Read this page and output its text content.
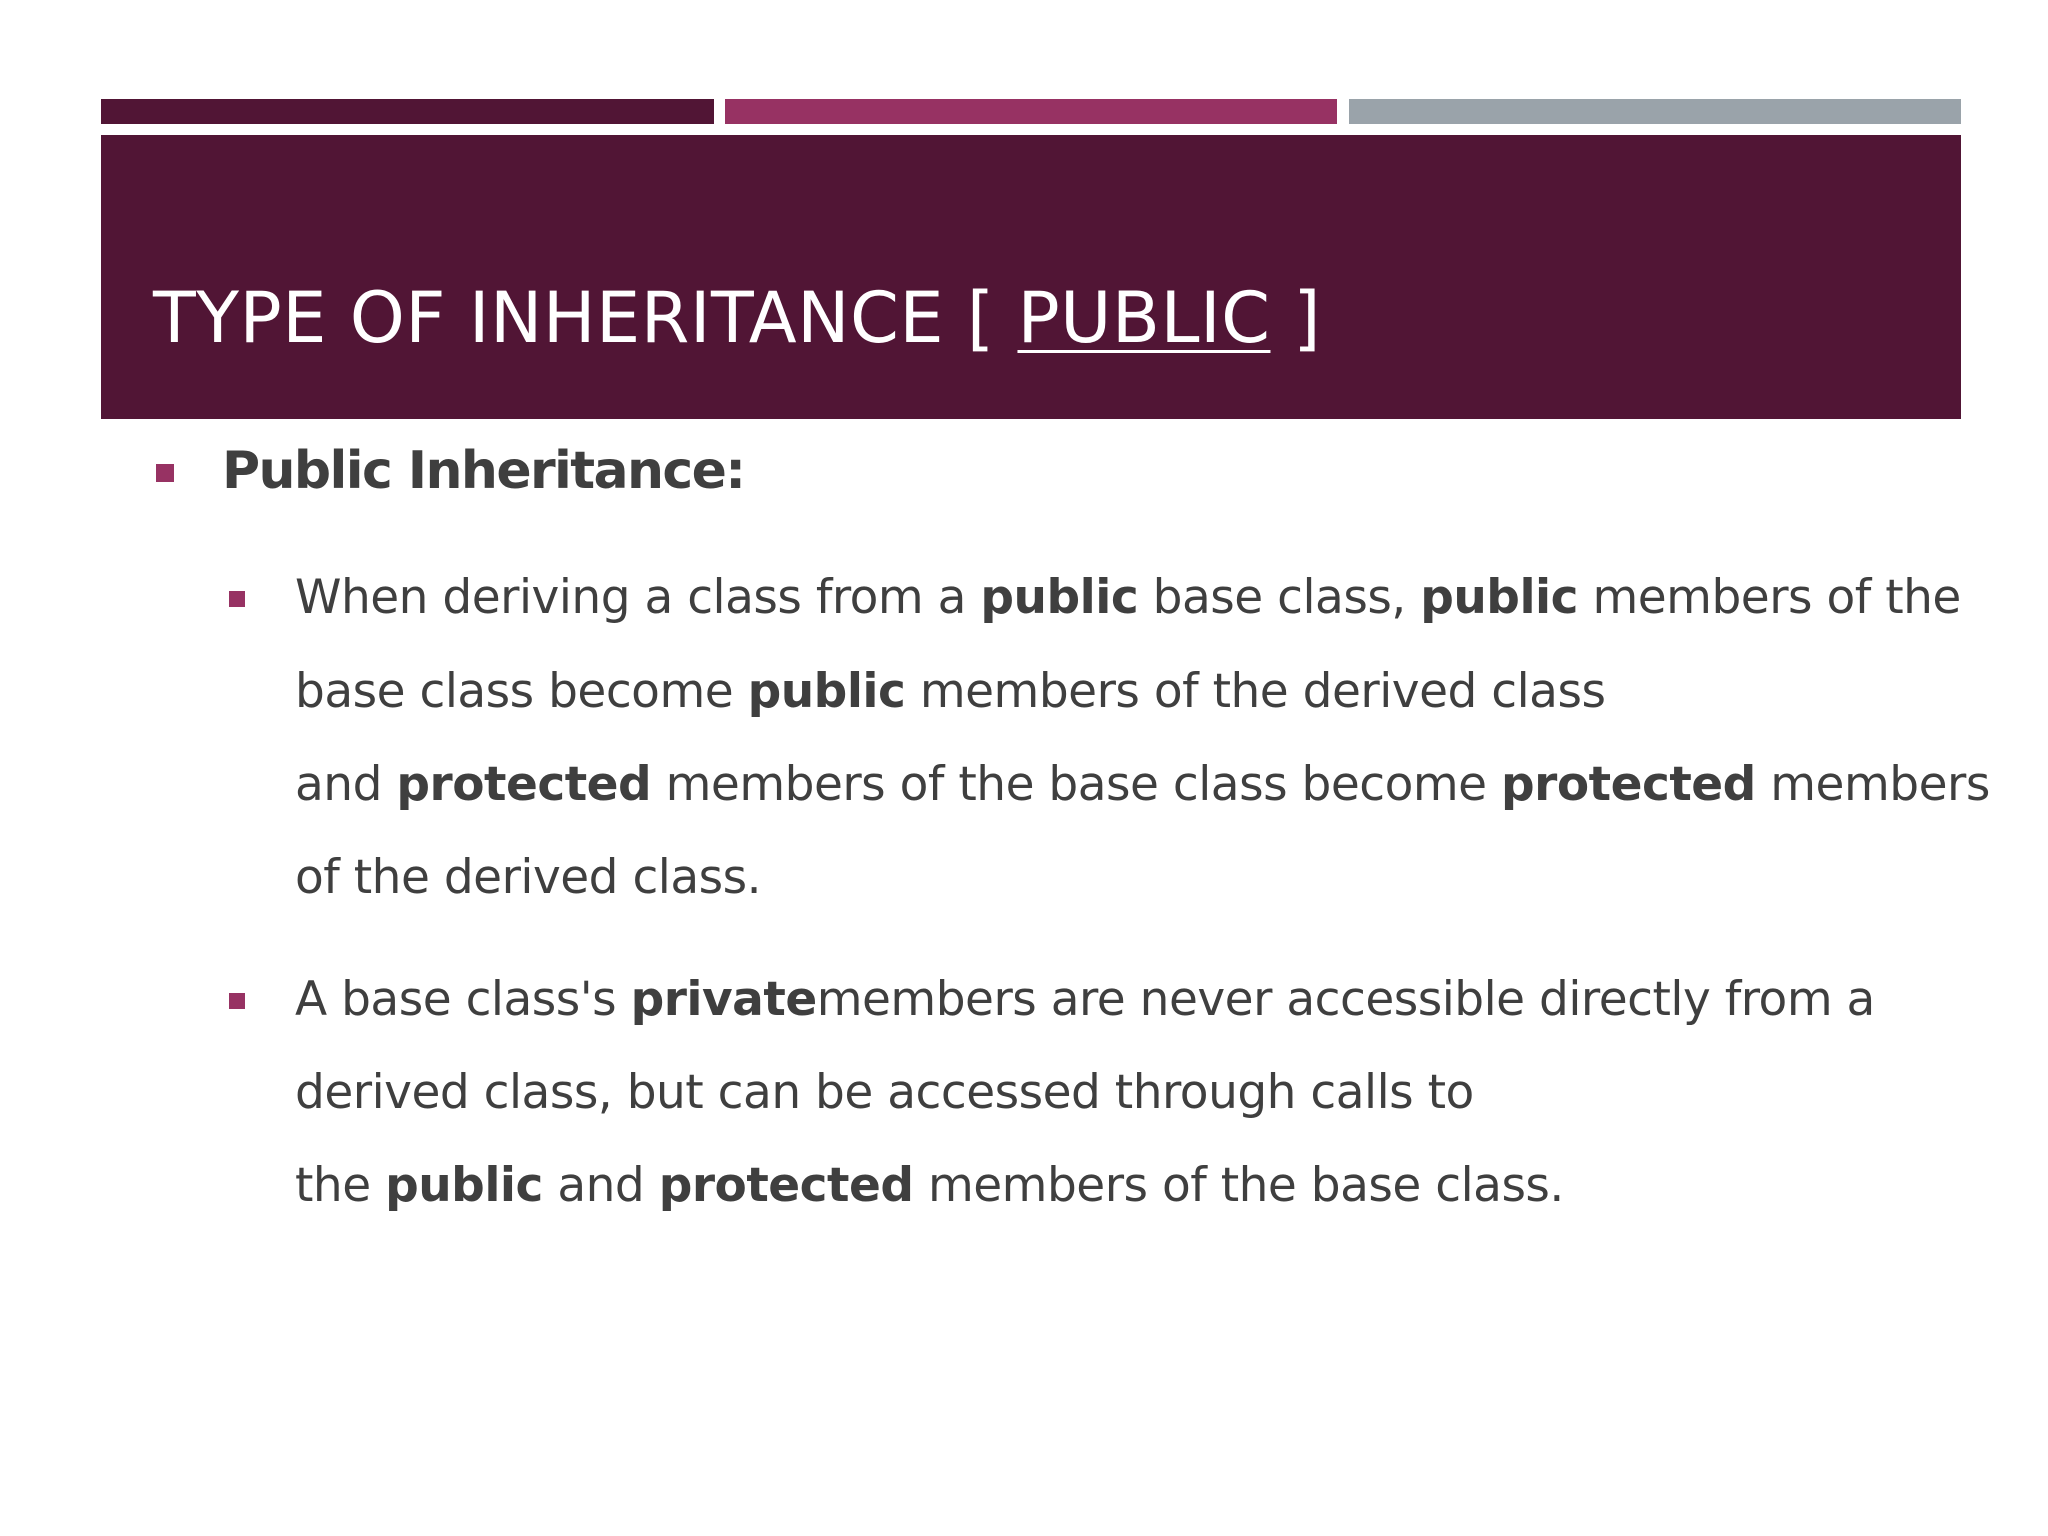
TYPE OF INHERITANCE [ PUBLIC ]
Public Inheritance:

When deriving a class from a public base class, public members of the

base class become public members of the derived class

and protected members of the base class become protected members

of the derived class.

A base class's privatemembers are never accessible directly from a

derived class, but can be accessed through calls to

the public and protected members of the base class.
